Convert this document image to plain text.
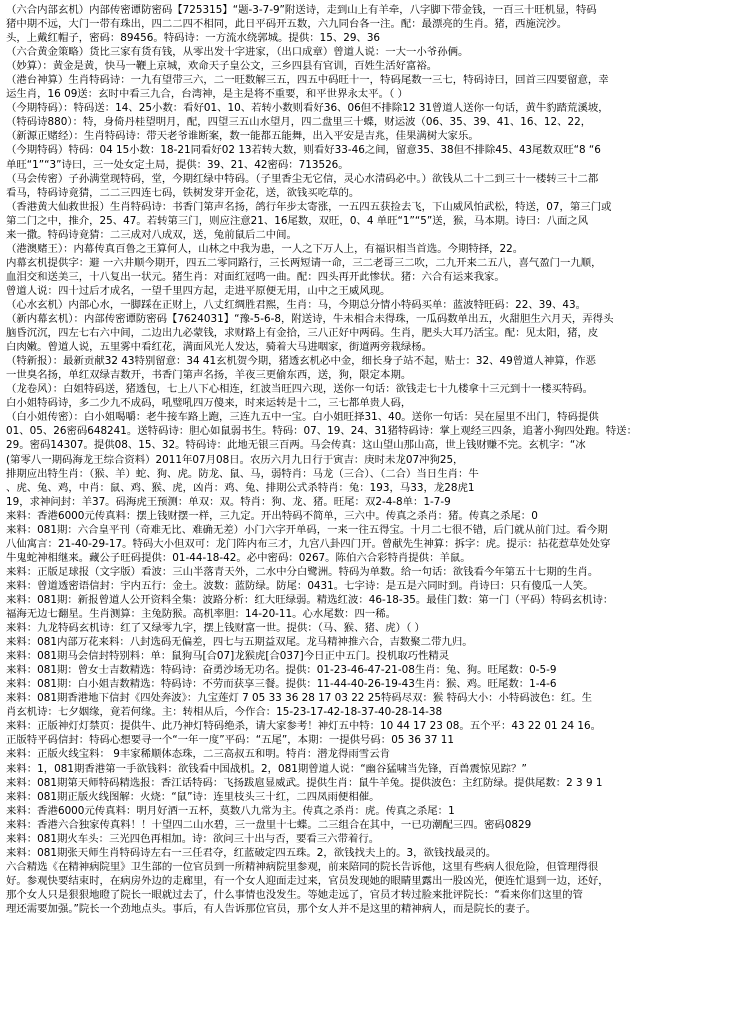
（六合内部玄机）内部传密谭防密码【725315】“题-3-7-9”附送诗，走到山上有羊牵，八字脚下带金钱，一百三十旺机显，特码
猪中期不远，大门一带有珠出，四二二四不相同，此日平码开五数，六九同台各一注。配：最漂亮的生肖。猪，西施浣沙。
头，上戴红帽子，密码：89456。特码诗：一方流水绕郭城。提供：15、29、36
（六合黄金策略）货比三家有货有钱，从零出发十字进家，（出口成章）曾道人说：一大一小爷孙俩。
（妙算）：黄金是黄，快马一鞭上京城，欢命天子皇公文，三乡四县有官训，百姓生活好富裕。
（港台神算）生肖特码诗：一九有望带三六，二一旺数解三五，四五中码旺十一，特码尾数一三七，特码诗曰，回首三四要留意，幸
运生肖，16 09送：玄时中看三九合，台湾神，是主是将不重要，和平世界永太平。（ ）
（今期特码）：特码送：14、25小数：看好01、10、若转小数则看好36、06但不排除12 31曾道人送你一句话，黄牛豹踏荒溪坡，
（特码诗880）：特，身倚丹桂望明月，配，四望三五山水望月，四二盘里三十蝶，财运波（06、35、39、41、16、12、22，
（新源正赌经）：生肖特码诗：带天老爷谁断案，数一能都五能舞，出入平安是吉兆，佳果满树大家乐。
（今期特码）特码：04 15小数：18-21同看好02 13若转大数，则看好33-46之间，留意35、38但不排除45、43尾数双旺“8 “6
单旺“1”“3”诗曰，三一处女定土局，提供：39、21、42密码：713526。
（马会传密）子孙满堂现特码，堂，今期红绿中特码。（子里香尘无它信，灵心水清码必中。）欲钱从二十二到三十一楼转三十二都
看马，特码诗竟猜，二二三四连七码，铁树发芽开金花，送，欲钱买吃草的。
（香港黄大仙救世报）生肖特码诗：书香门第声名扬，鸽行年步太寄涨，一五四五获捡去飞，下山威风怕武松，特送，07，第三门或
第二门之中，推介，25、47。若转第三门，则应注意21、16尾数，双旺，0、4 单旺“1”“5”送，猴，马本期。诗曰：八面之风
来一撒。特码诗竟猜：二三成对八成双，送，兔前鼠后二中间。
（港澳赌王）：内幕传真百鲁之王算何人，山林之中我为患，一人之下万人上，有福识相当首选。今期特择，22。
内幕玄机提供字：避 一六井顺今期开，四五二零同路行，三长两短请一命，三二老哥三二吹，二九开来二五八，喜气盈门一九顺，
血泪交和送美三，十八复出一状元。猪生肖：对面红冠鸣一曲。配：四头再开此惨状。猪：六合有运来我家。
曾道人说：四十过后才成名，一望千里四方起，走进平原便无用，山中之王威风现。
（心水玄机）内部心水，一脚踩在正财上，八丈红绸胜君熙，生肖：马，今期总分情小特码买单：蓝波特旺码：22、39、43。
（新内幕玄机）：内部传密谭防密码【7624031】“豫-5-6-8，附送诗，牛未相合未得珠，一瓜码数单出五，火甜胆生六月天，弄得头
脑昏沉沉，四左七右六中间，二边出九必蒙钱，求财路上有金拾，三八正好中两码。生肖，肥头大耳乃活宝。配：见太阳，猪，皮
白肉嫩。曾道人说，五里雾中看红花，满面风光人发达，骑着大马进咽家，街道两旁栽绿杨。
（特新报）：最新贡献32 43特别留意：34 41玄机贺今期，猪透玄机必中金，细长身子站不起，贴士：32、49曾道人神算，作恶
一世臭名扬，单红双绿吉数开，书香门第声名扬，羊夜三更偷东西，送，狗，限定本期。
（龙卷风）：白姐特码送，猪透包，七上八下心相连，红波当旺四六现，送你一句话：欲钱走七十九楼拿十三元到十一楼买特码。
白小姐特码诗，多二少九不成码，吼璧吼四万傻来，时来运转是十二，三七都单贵人码，
（白小姐传密）：白小姐喝嚼：老牛接车路上跑，三连九五中一宝。白小姐旺择31、40。送你一句话：吴在屋里不出门，特码提供
01、05、26密码648241。送特码诗：胆心如鼠弱书生。特码：07、19、24、31猪特码诗：掌上观经三四条，追著小狗四处跑。特送：
29。密码14307。提供08、15、32。特码诗：此地无银三百两。马会传真：这山望山那山高，世上钱财赚不完。玄机字：“冰
(第零八一期码海龙王综合资料）2011年07月08日。农历六月九日行于寅吉：庚时未龙07冲狗25，
排期应出特生肖：（猴、羊）蛇、狗、虎。防龙、鼠、马，弱特肖：马龙（三合）、（二合）当日生肖：牛
、虎、兔、鸡，中肖：鼠、鸡、猴、虎，凶肖：鸡、兔、排期公式杀特肖：兔：193，马33，龙28虎1
19，求神问封：羊37。码海虎王预测：单双：双。特肖：狗、龙、猪。旺尾：双2-4-8单：1-7-9
来料：香港6000元传真料：摆上钱财摆一样，三九定。开出特码不简单，三六中。传真之杀肖：猪。传真之杀尾：0
来料：081期：六合皇平刊（奇难无比、难确无差）小门六字开单码，一来一往五得宝。十月二七很不错，后门就从前门过。看今期
八仙寓言：21-40-29-17。特码大小但双可：龙门阵内布三才，九宫八卦四门开。曾献先生神算：拆字：虎。提示：拈花惹草处处穿
牛鬼蛇神相继来。藏公子旺码提供：01-44-18-42。必中密码：0267。陈伯六合彩特肖提供：羊鼠。
来料：正版足球报（文字版）看波：三山半落青天外，二水中分白鹭洲。特码为单数。给一句话：欲钱看今年第五十七期的生肖。
来料：曾道透密语信封：宇内五行：金土。波数：蓝防绿。防尾：0431。七字诗：是五是六同时到。肖诗曰：只有傻瓜一人笑。
来料：081期：新报曾道人公开资料全集：波路分析：红大旺绿弱。精选红波：46-18-35。最佳门数：第一门（平码）特码玄机诗：
福海无边七翻星。生肖测算：主兔防猴。高机率胆：14-20-11。心水尾数：四一稀。
来料：九龙特码玄机诗：红了又绿零九字，摆上钱财富一世。提供：（马、猴、猪、虎）（ ）
来料：081内部万花来料：八封选码无偏差，四七与五期益双尾。龙马精神推六合，吉数聚二带九归。
来料：081期马会信封特别料：单：鼠狗马[合07]龙猴虎[合037]今日正中五门。投机取巧性精灵
来料：081期：曾女士吉数精选：特码诗：奋勇沙场无功名。提供：01-23-46-47-21-08生肖：兔、狗。旺尾数：0-5-9
来料：081期：白小姐吉数精选：特码诗：不劳而获享三餐。提供：11-44-40-26-19-43生肖：猴、鸡。旺尾数：1-4-6
来料：081期香港地下信封《四处奔波》：九宝莲灯 7 05 33 36 28 17 03 22 25特码尽双：猴 特码大小：小特码波色：红。生
肖玄机诗：七夕姻缘，竟若何缘。主：转相从后，今作合：15-23-17-42-18-37-40-28-14-38
来料：正版神灯灯禁页：提供牛、此乃神灯特码绝杀，请大家参考！神灯五中特：10 44 17 23 08。五个平：43 22 01 24 16。
正版特平码信封：特码心想要寻一个“一年一度”平码：“五尾”，本期：一提供号码：05 36 37 11
来料：正版火线宝料： 9丰家稀顺体态珠，二三高叔五和明。特肖：潜龙得雨雪云肯
来料：1，081期香港第一手欲钱料：欲钱看中国战机。2，081期曾道人说：“幽谷猛啸当先锋，百兽震惊见踪？”
来料：081期第天师特码精选报：香江话特码：飞扬跋扈显威武。提供生肖：鼠牛羊兔。提供波色：主红防绿。提供尾数：2 3 9 1
来料：081期正版火线图解：火烧：“鼠”诗：连里枝头三十红，二四凤雨便相催。
来料：香港6000元传真料：明月好酒一五杯，莫数八九常为主。传真之杀肖：虎。传真之杀尾：1
来料：香港六合独家传真料！！十望四二山水碧，三一盘里十七蝶。二三组合在其中，一已功潮配三四。密码0829
来料：081期火车头：三光四色再相加。诗：欲问三十出与否，要看三六带着行。
来料：081期张天师生肖特码诗左右一三任君夺，红蓝破定四五珠。2，欲钱找夫上的。3，欲钱找最灵的。
六合精选《在精神病院里》卫生部的一位官员到一所精神病院里参观，前来陪同的院长告诉他，这里有些病人很危险，但管理得很
好。参观快要结束时，在病房外边的走廊里，有一个女人迎面走过来，官员发现她的眼睛里露出一股凶光，便连忙退到一边，还好，
那个女人只是狠狠地瞪了院长一眼就过去了，什么事情也没发生。等她走远了，官员才转过脸来批评院长：“看来你们这里的管
理还需要加强。”院长一个劲地点头。事后，有人告诉那位官员，那个女人并不是这里的精神病人，而是院长的妻子。
